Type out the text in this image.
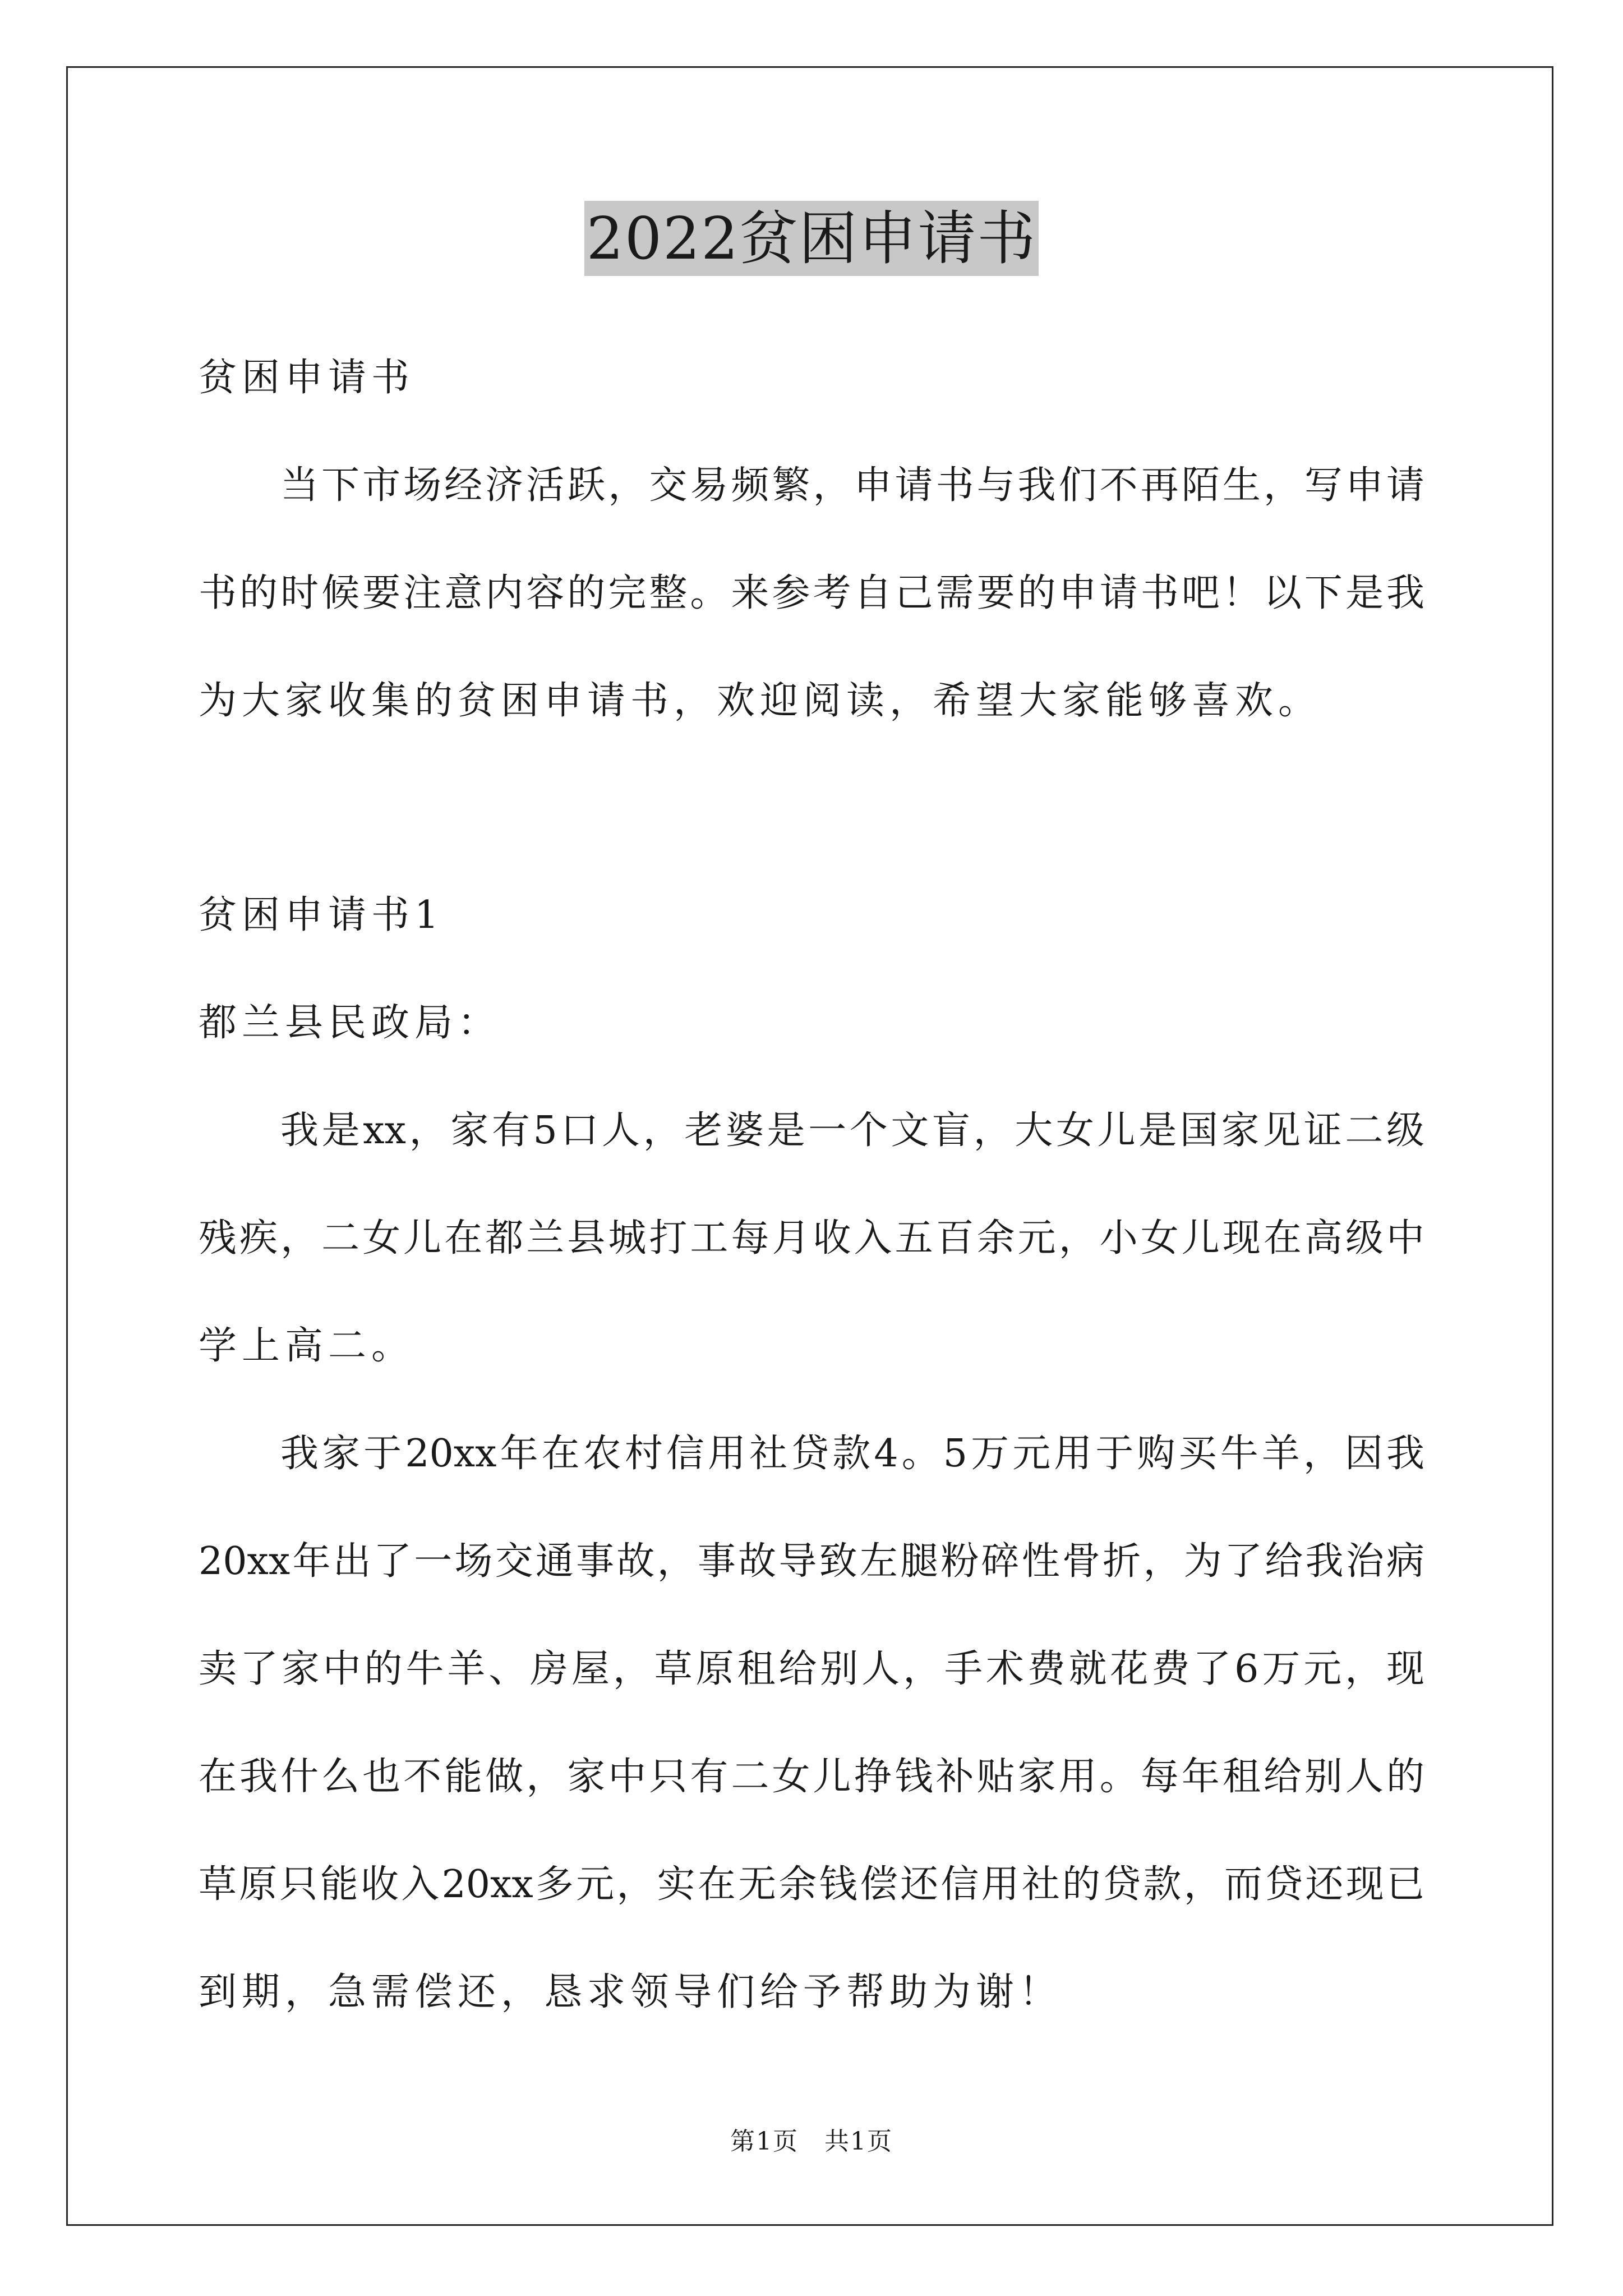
2022贫困申请书
贫困申请书
当下市场经济活跃，交易频繁，申请书与我们不再陌生，写申请
书的时候要注意内容的完整。来参考自己需要的申请书吧！以下是我
为大家收集的贫困申请书，欢迎阅读，希望大家能够喜欢。
贫困申请书1
都兰县民政局：
我是xx，家有5口人，老婆是一个文盲，大女儿是国家见证二级
残疾，二女儿在都兰县城打工每月收入五百余元，小女儿现在高级中
学上高二。
我家于20xx年在农村信用社贷款4。5万元用于购买牛羊，因我
20xx年出了一场交通事故，事故导致左腿粉碎性骨折，为了给我治病
卖了家中的牛羊、房屋，草原租给别人，手术费就花费了6万元，现
在我什么也不能做，家中只有二女儿挣钱补贴家用。每年租给别人的
草原只能收入20xx多元，实在无余钱偿还信用社的贷款，而贷还现已
到期，急需偿还，恳求领导们给予帮助为谢！
第1页　共1页
